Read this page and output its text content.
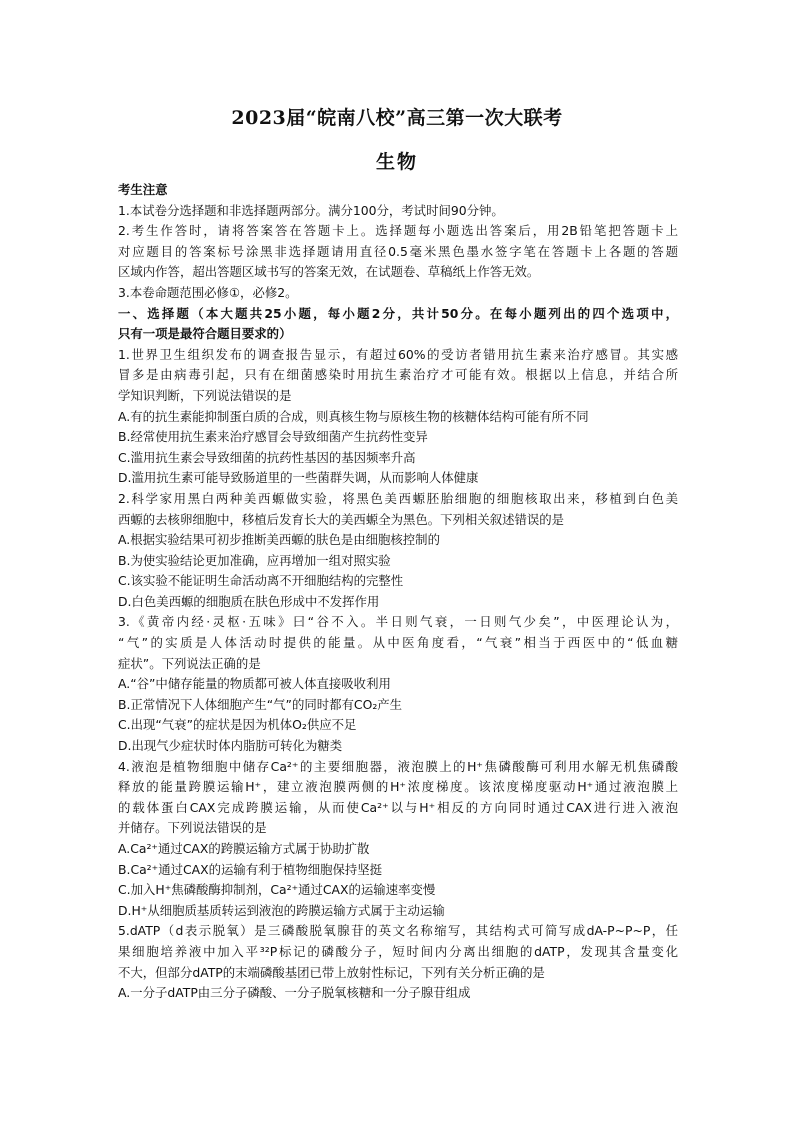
2023届“皖南八校”高三第一次大联考
生物
考生注意
1.本试卷分选择题和非选择题两部分。满分100分，考试时间90分钟。
2.考生作答时，请将答案答在答题卡上。选择题每小题选出答案后，用2B铅笔把答题卡上
对应题目的答案标号涂黑非选择题请用直径0.5毫米黑色墨水签字笔在答题卡上各题的答题
区域内作答，超出答题区域书写的答案无效，在试题卷、草稿纸上作答无效。
3.本卷命题范围必修①，必修2。
一、选择题（本大题共25小题，每小题2分，共计50分。在每小题列出的四个选项中，
只有一项是最符合题目要求的）
1.世界卫生组织发布的调查报告显示，有超过60%的受访者错用抗生素来治疗感冒。其实感
冒多是由病毒引起，只有在细菌感染时用抗生素治疗才可能有效。根据以上信息，并结合所
学知识判断，下列说法错误的是
A.有的抗生素能抑制蛋白质的合成，则真核生物与原核生物的核糖体结构可能有所不同
B.经常使用抗生素来治疗感冒会导致细菌产生抗药性变异
C.滥用抗生素会导致细菌的抗药性基因的基因频率升高
D.滥用抗生素可能导致肠道里的一些菌群失调，从而影响人体健康
2.科学家用黑白两种美西螈做实验，将黑色美西螈胚胎细胞的细胞核取出来，移植到白色美
西螈的去核卵细胞中，移植后发育长大的美西螈全为黑色。下列相关叙述错误的是
A.根据实验结果可初步推断美西螈的肤色是由细胞核控制的
B.为使实验结论更加准确，应再增加一组对照实验
C.该实验不能证明生命活动离不开细胞结构的完整性
D.白色美西螈的细胞质在肤色形成中不发挥作用
3.《黄帝内经·灵枢·五味》曰“谷不入。半日则气衰，一日则气少矣”，中医理论认为，
“气”的实质是人体活动时提供的能量。从中医角度看，“气衰”相当于西医中的“低血糖
症状”。下列说法正确的是
A.“谷”中储存能量的物质都可被人体直接吸收利用
B.正常情况下人体细胞产生“气”的同时都有CO₂产生
C.出现“气衰”的症状是因为机体O₂供应不足
D.出现气少症状时体内脂肪可转化为糖类
4.液泡是植物细胞中储存Ca²⁺的主要细胞器，液泡膜上的H⁺焦磷酸酶可利用水解无机焦磷酸
释放的能量跨膜运输H⁺，建立液泡膜两侧的H⁺浓度梯度。该浓度梯度驱动H⁺通过液泡膜上
的载体蛋白CAX完成跨膜运输，从而使Ca²⁺以与H⁺相反的方向同时通过CAX进行进入液泡
并储存。下列说法错误的是
A.Ca²⁺通过CAX的跨膜运输方式属于协助扩散
B.Ca²⁺通过CAX的运输有利于植物细胞保持坚挺
C.加入H⁺焦磷酸酶抑制剂，Ca²⁺通过CAX的运输速率变慢
D.H⁺从细胞质基质转运到液泡的跨膜运输方式属于主动运输
5.dATP（d表示脱氧）是三磷酸脱氧腺苷的英文名称缩写，其结构式可简写成dA-P~P~P，任
果细胞培养液中加入平³²P标记的磷酸分子，短时间内分离出细胞的dATP，发现其含量变化
不大，但部分dATP的末端磷酸基团已带上放射性标记，下列有关分析正确的是
A.一分子dATP由三分子磷酸、一分子脱氧核糖和一分子腺苷组成
